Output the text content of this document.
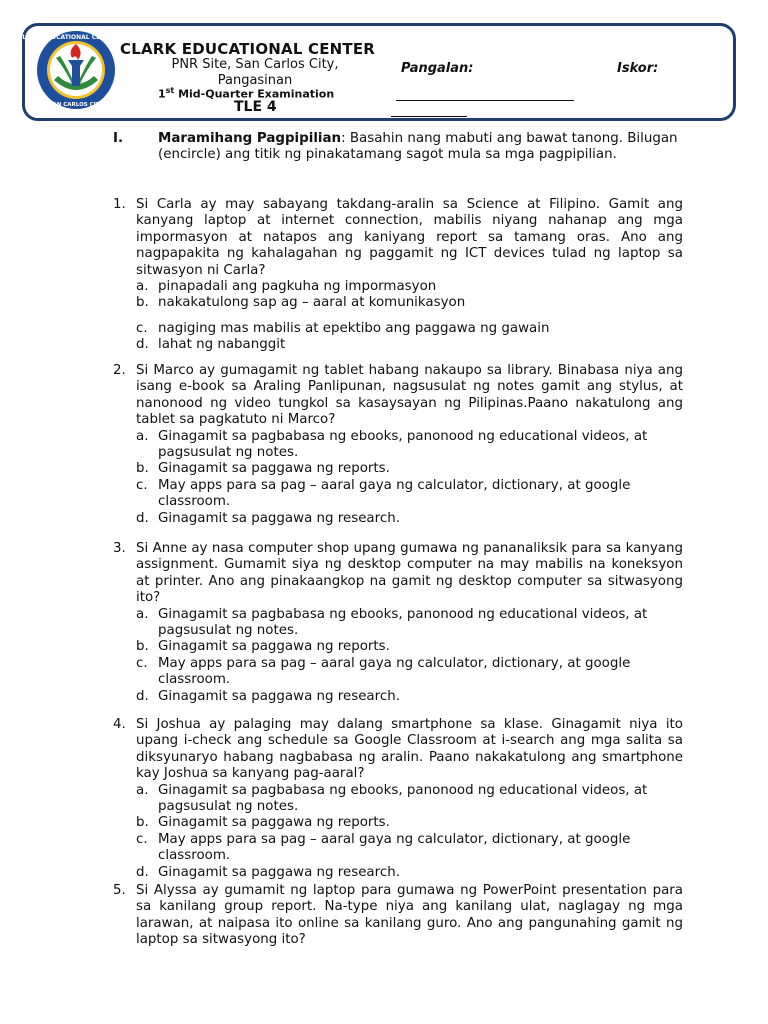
CLARK EDUCATIONAL CENTER INC.
SAN CARLOS CITY
CLARK EDUCATIONAL CENTER
PNR Site, San Carlos City,
Pangasinan
1st Mid-Quarter Examination
TLE 4
Pangalan:	Iskor:
I.	Maramihang Pagpipilian: Basahin nang mabuti ang bawat tanong. Bilugan (encircle) ang titik ng pinakatamang sagot mula sa mga pagpipilian.
1. Si Carla ay may sabayang takdang-aralin sa Science at Filipino. Gamit ang kanyang laptop at internet connection, mabilis niyang nahanap ang mga impormasyon at natapos ang kaniyang report sa tamang oras. Ano ang nagpapakita ng kahalagahan ng paggamit ng ICT devices tulad ng laptop sa sitwasyon ni Carla?
a. pinapadali ang pagkuha ng impormasyon
b. nakakatulong sap ag – aaral at komunikasyon
c. nagiging mas mabilis at epektibo ang paggawa ng gawain
d. lahat ng nabanggit
2. Si Marco ay gumagamit ng tablet habang nakaupo sa library. Binabasa niya ang isang e-book sa Araling Panlipunan, nagsusulat ng notes gamit ang stylus, at nanonood ng video tungkol sa kasaysayan ng Pilipinas.Paano nakatulong ang tablet sa pagkatuto ni Marco?
a. Ginagamit sa pagbabasa ng ebooks, panonood ng educational videos, at pagsusulat ng notes.
b. Ginagamit sa paggawa ng reports.
c. May apps para sa pag – aaral gaya ng calculator, dictionary, at google classroom.
d. Ginagamit sa paggawa ng research.
3. Si Anne ay nasa computer shop upang gumawa ng pananaliksik para sa kanyang assignment. Gumamit siya ng desktop computer na may mabilis na koneksyon at printer. Ano ang pinakaangkop na gamit ng desktop computer sa sitwasyong ito?
a. Ginagamit sa pagbabasa ng ebooks, panonood ng educational videos, at pagsusulat ng notes.
b. Ginagamit sa paggawa ng reports.
c. May apps para sa pag – aaral gaya ng calculator, dictionary, at google classroom.
d. Ginagamit sa paggawa ng research.
4. Si Joshua ay palaging may dalang smartphone sa klase. Ginagamit niya ito upang i-check ang schedule sa Google Classroom at i-search ang mga salita sa diksyunaryo habang nagbabasa ng aralin. Paano nakakatulong ang smartphone kay Joshua sa kanyang pag-aaral?
a. Ginagamit sa pagbabasa ng ebooks, panonood ng educational videos, at pagsusulat ng notes.
b. Ginagamit sa paggawa ng reports.
c. May apps para sa pag – aaral gaya ng calculator, dictionary, at google classroom.
d. Ginagamit sa paggawa ng research.
5. Si Alyssa ay gumamit ng laptop para gumawa ng PowerPoint presentation para sa kanilang group report. Na-type niya ang kanilang ulat, naglagay ng mga larawan, at naipasa ito online sa kanilang guro. Ano ang pangunahing gamit ng laptop sa sitwasyong ito?
